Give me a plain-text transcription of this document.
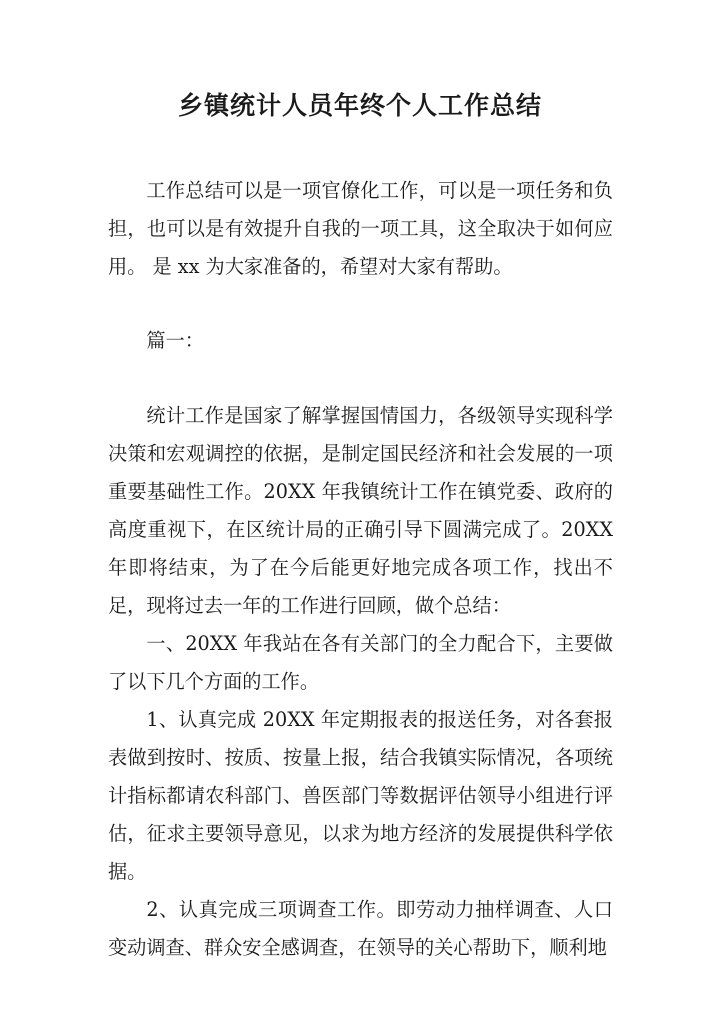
乡镇统计人员年终个人工作总结
工作总结可以是一项官僚化工作，可以是一项任务和负担，也可以是有效提升自我的一项工具，这全取决于如何应用。 是 xx 为大家准备的，希望对大家有帮助。
篇一：

统计工作是国家了解掌握国情国力，各级领导实现科学决策和宏观调控的依据，是制定国民经济和社会发展的一项重要基础性工作。20XX 年我镇统计工作在镇党委、政府的高度重视下，在区统计局的正确引导下圆满完成了。20XX 年即将结束，为了在今后能更好地完成各项工作，找出不足，现将过去一年的工作进行回顾，做个总结：

一、20XX 年我站在各有关部门的全力配合下，主要做了以下几个方面的工作。

1、认真完成 20XX 年定期报表的报送任务，对各套报表做到按时、按质、按量上报，结合我镇实际情况，各项统计指标都请农科部门、兽医部门等数据评估领导小组进行评估，征求主要领导意见，以求为地方经济的发展提供科学依据。

2、认真完成三项调查工作。即劳动力抽样调查、人口变动调查、群众安全感调查，在领导的关心帮助下，顺利地
